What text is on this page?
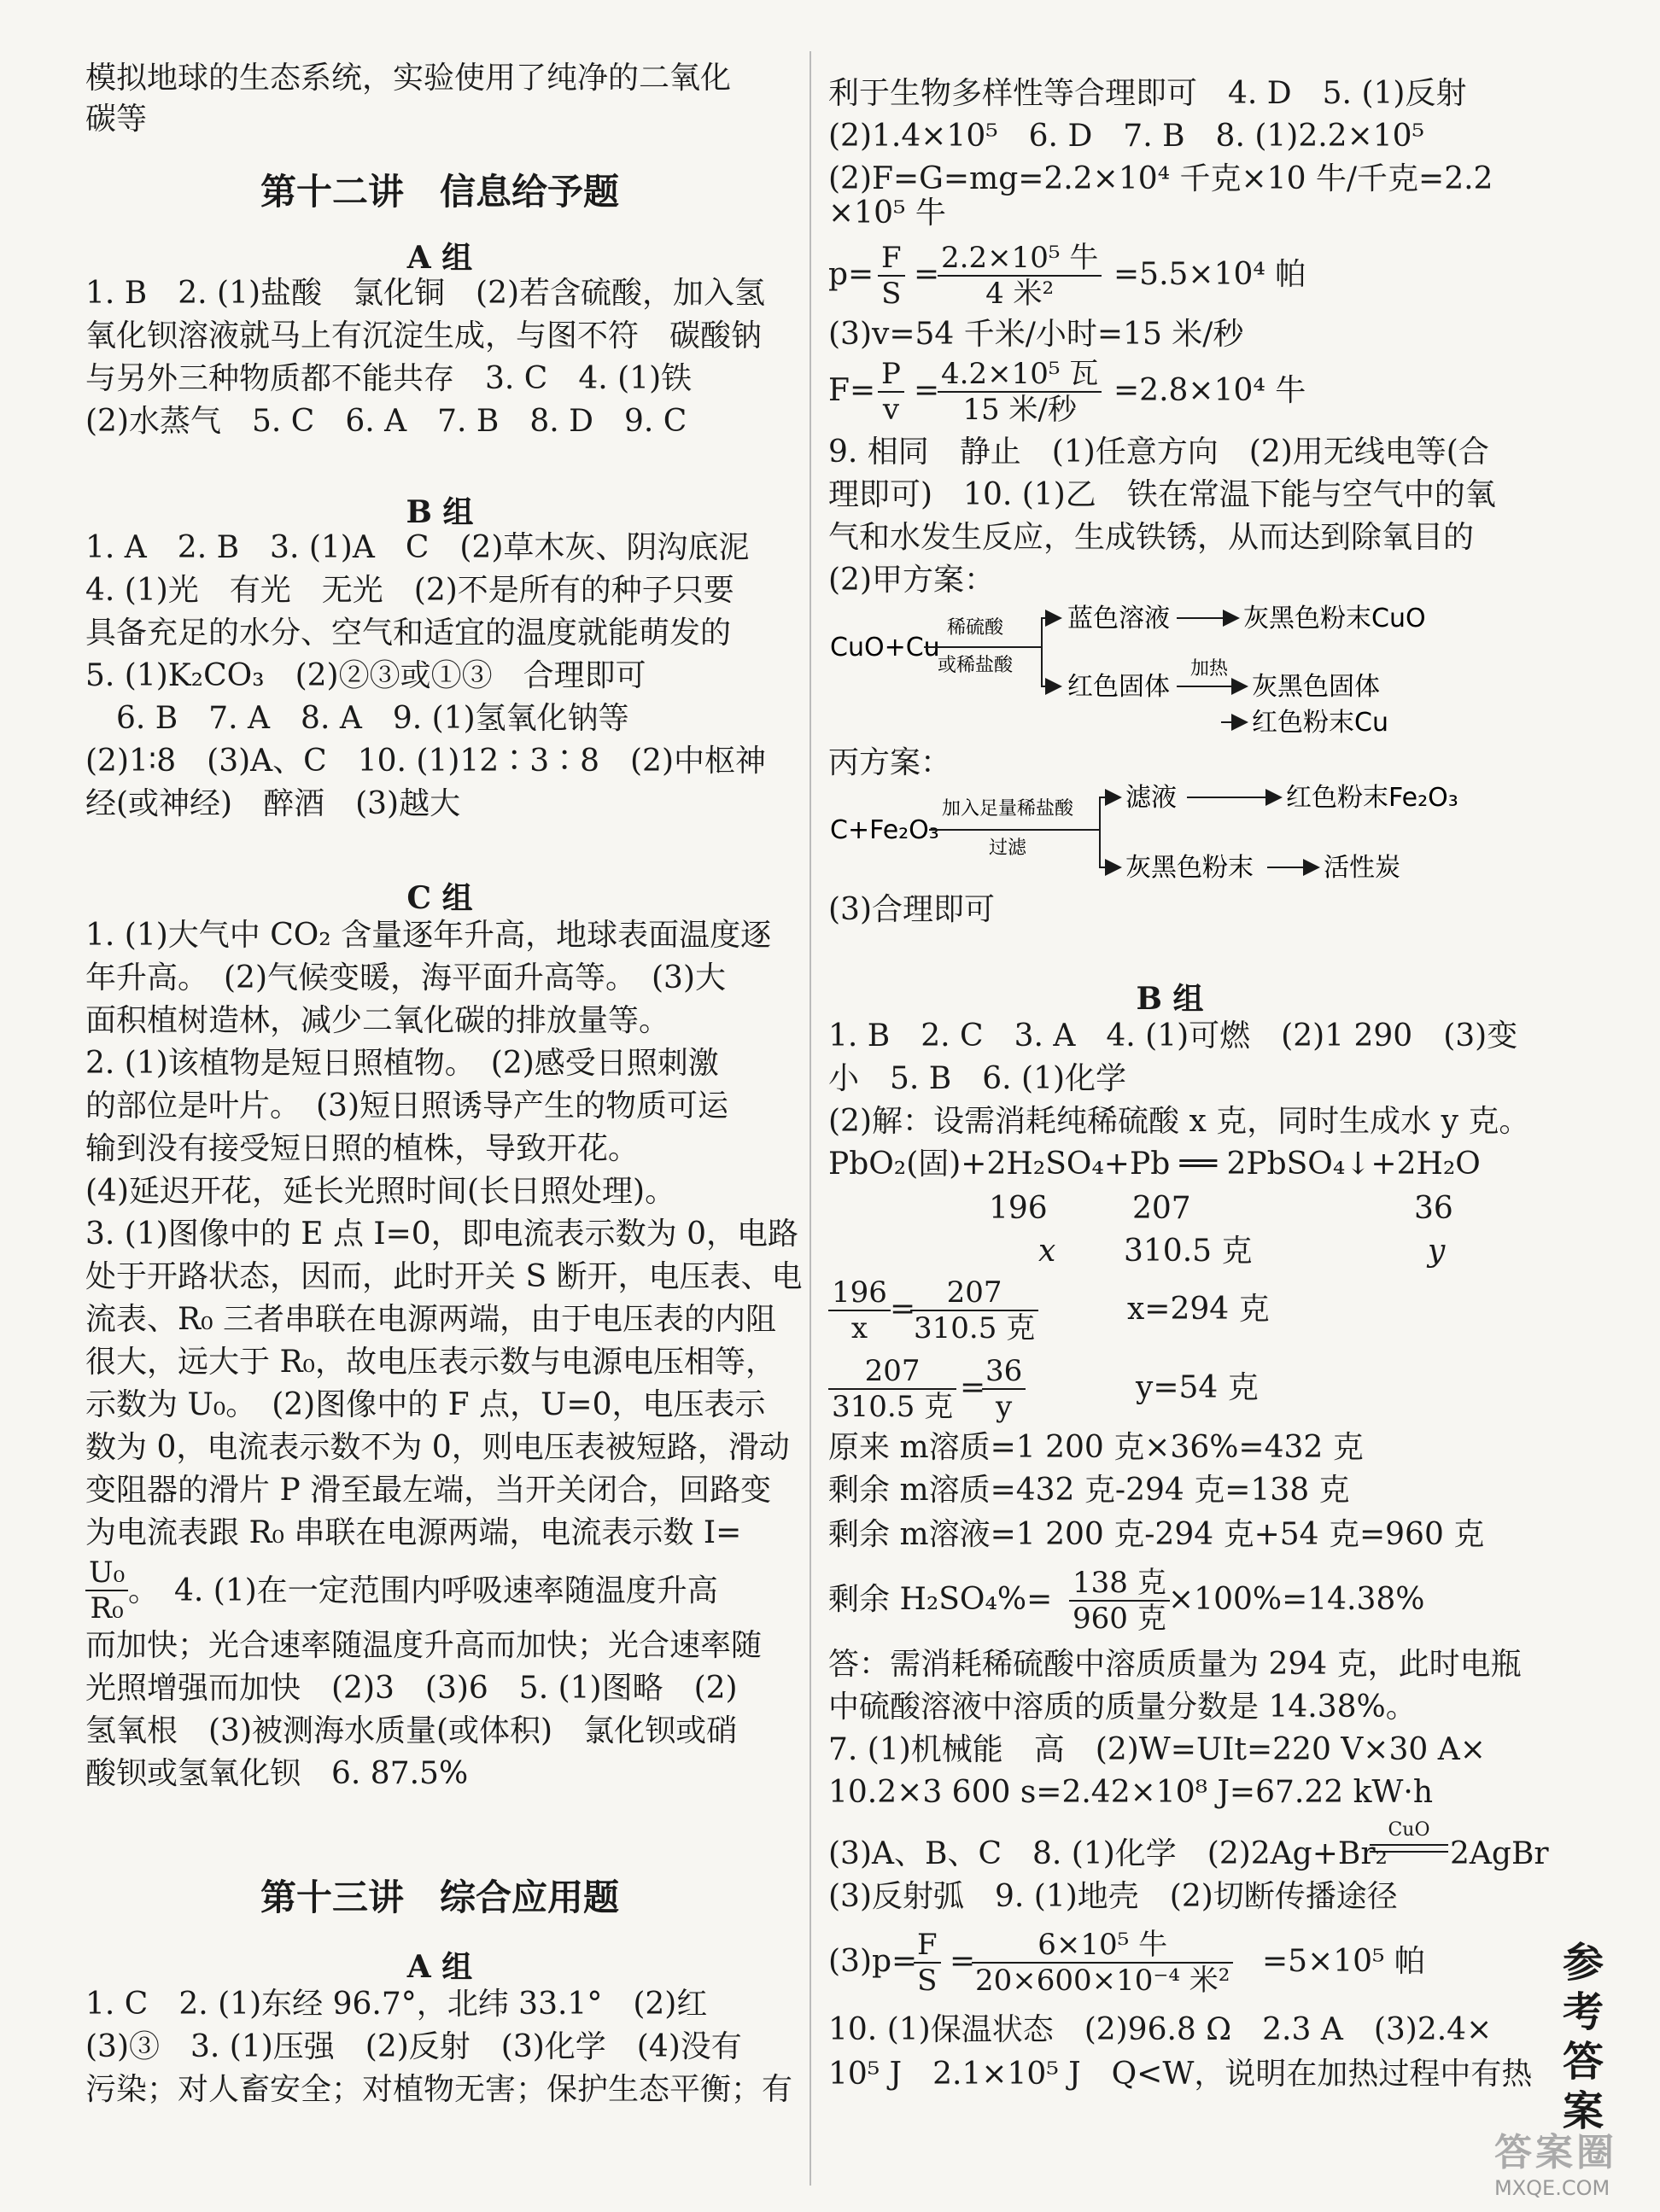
模拟地球的生态系统，实验使用了纯净的二氧化
碳等
第十二讲　信息给予题
A 组
1. B　2. (1)盐酸　氯化铜　(2)若含硫酸，加入氢
氧化钡溶液就马上有沉淀生成，与图不符　碳酸钠
与另外三种物质都不能共存　3. C　4. (1)铁
(2)水蒸气　5. C　6. A　7. B　8. D　9. C
B 组
1. A　2. B　3. (1)A　C　(2)草木灰、阴沟底泥
4. (1)光　有光　无光　(2)不是所有的种子只要
具备充足的水分、空气和适宜的温度就能萌发的
5. (1)K₂CO₃　(2)②③或①③　合理即可
　6. B　7. A　8. A　9. (1)氢氧化钠等
(2)1∶8　(3)A、C　10. (1)12∶3∶8　(2)中枢神
经(或神经)　醉酒　(3)越大
C 组
1. (1)大气中 CO₂ 含量逐年升高，地球表面温度逐
年升高。　(2)气候变暖，海平面升高等。　(3)大
面积植树造林，减少二氧化碳的排放量等。
2. (1)该植物是短日照植物。　(2)感受日照刺激
的部位是叶片。　(3)短日照诱导产生的物质可运
输到没有接受短日照的植株，导致开花。
(4)延迟开花，延长光照时间(长日照处理)。
3. (1)图像中的 E 点 I=0，即电流表示数为 0，电路
处于开路状态，因而，此时开关 S 断开，电压表、电
流表、R₀ 三者串联在电源两端，由于电压表的内阻
很大，远大于 R₀，故电压表示数与电源电压相等，
示数为 U₀。　(2)图像中的 F 点，U=0，电压表示
数为 0，电流表示数不为 0，则电压表被短路，滑动
变阻器的滑片 P 滑至最左端，当开关闭合，回路变
为电流表跟 R₀ 串联在电源两端，电流表示数 I=
$\frac{\text{U₀}}{\text{R₀}}$ 。　4. (1)在一定范围内呼吸速率随温度升高
而加快；光合速率随温度升高而加快；光合速率随
光照增强而加快　(2)3　(3)6　5. (1)图略　(2)
氢氧根　(3)被测海水质量(或体积)　氯化钡或硝
酸钡或氢氧化钡　6. 87.5%
第十三讲　综合应用题
A 组
1. C　2. (1)东经 96.7°，北纬 33.1°　(2)红
(3)③　3. (1)压强　(2)反射　(3)化学　(4)没有
污染；对人畜安全；对植物无害；保护生态平衡；有
利于生物多样性等合理即可　4. D　5. (1)反射
(2)1.4×10⁵　6. D　7. B　8. (1)2.2×10⁵
(2)F=G=mg=2.2×10⁴ 千克×10 牛/千克=2.2
×10⁵ 牛
$p= \frac{F}{S} = 2.2\times 10^5$ 牛
4 米²
=5.5×10⁴ 帕
(3)v=54 千米/小时=15 米/秒
$F= \frac{P}{v} = 4.2\times 10^5$ 瓦
15 米/秒
=2.8×10⁴ 牛
9. 相同　静止　(1)任意方向　(2)用无线电等(合
理即可)　10. (1)乙　铁在常温下能与空气中的氧
气和水发生反应，生成铁锈，从而达到除氧目的
(2)甲方案：
CuO+Cu
稀硫酸
或稀盐酸
蓝色溶液	灰黑色粉末CuO
红色固体
加热
灰黑色固体
红色粉末Cu
丙方案：
C+Fe₂O₃
加入足量稀盐酸
过滤
滤液	红色粉末Fe₂O₃
灰黑色粉末	活性炭
(3)合理即可
B 组
1. B　2. C　3. A　4. (1)可燃　(2)1 290　(3)变
小　5. B　6. (1)化学
(2)解：设需消耗纯稀硫酸 x 克，同时生成水 y 克。
PbO₂(固)+2H₂SO₄+Pb ══ 2PbSO₄↓+2H₂O
196	207	36
x 310.5 克	y
$\frac{196}{x}$ =	207
310.5 克
x=294 克
207
310.5 克
=
$\frac{36}{y}$	y=54 克
原来 m溶质=1 200 克×36%=432 克
剩余 m溶质=432 克-294 克=138 克
剩余 m溶液=1 200 克-294 克+54 克=960 克
剩余 H₂SO₄%= 138 克
960 克
×100%=14.38%
答：需消耗稀硫酸中溶质质量为 294 克，此时电瓶
中硫酸溶液中溶质的质量分数是 14.38%。
7. (1)机械能　高　(2)W=UIt=220 V×30 A×
10.2×3 600 s=2.42×10⁸ J=67.22 kW·h
(3)A、B、C　8. (1)化学　(2)2Ag+Br₂
CuO
2AgBr
(3)反射弧　9. (1)地壳　(2)切断传播途径
(3)p=
$\frac{F}{S}$ =	6×10⁵ 牛
20×600×10⁻⁴ 米²
=5×10⁵ 帕
10. (1)保温状态　(2)96.8 Ω　2.3 A　(3)2.4×
10⁵ J　2.1×10⁵ J　Q<W，说明在加热过程中有热
参
考
答
案
答案圈
MXQE.COM
